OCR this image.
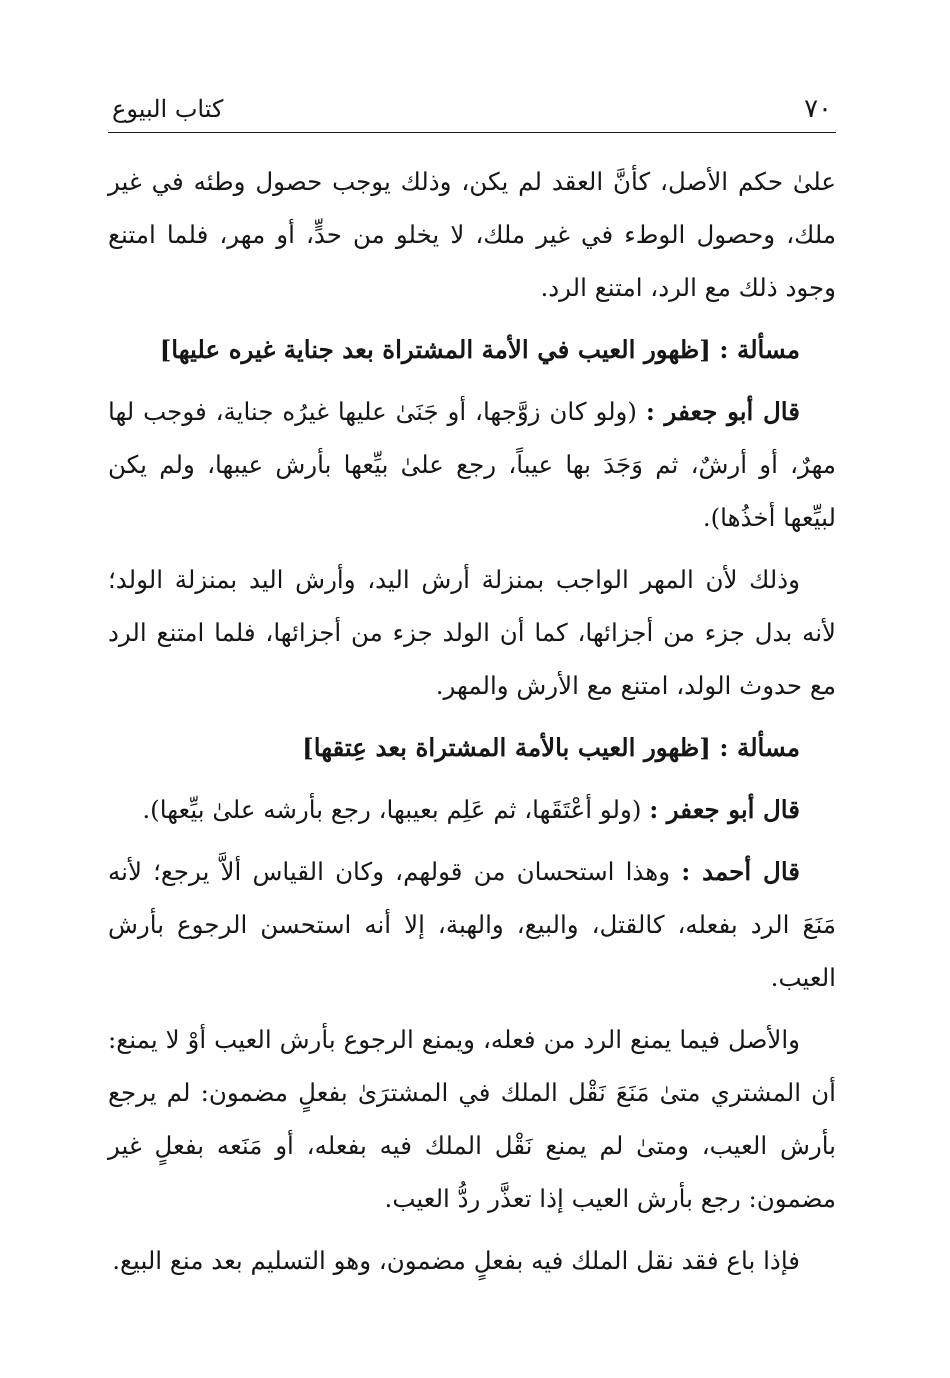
٧٠
كتاب البيوع

علىٰ حكم الأصل، كأنَّ العقد لم يكن، وذلك يوجب حصول وطئه في غير ملك، وحصول الوطء في غير ملك، لا يخلو من حدٍّ، أو مهر، فلما امتنع وجود ذلك مع الرد، امتنع الرد.

مسألة : [ظهور العيب في الأمة المشتراة بعد جناية غيره عليها]

قال أبو جعفر : (ولو كان زوَّجها، أو جَنَىٰ عليها غيرُه جناية، فوجب لها مهرٌ، أو أرشٌ، ثم وَجَدَ بها عيباً، رجع علىٰ بيِّعها بأرش عيبها، ولم يكن لبيِّعها أخذُها).

وذلك لأن المهر الواجب بمنزلة أرش اليد، وأرش اليد بمنزلة الولد؛ لأنه بدل جزء من أجزائها، كما أن الولد جزء من أجزائها، فلما امتنع الرد مع حدوث الولد، امتنع مع الأرش والمهر.

مسألة : [ظهور العيب بالأمة المشتراة بعد عِتقها]

قال أبو جعفر : (ولو أعْتَقَها، ثم عَلِم بعيبها، رجع بأرشه علىٰ بيِّعها).

قال أحمد : وهذا استحسان من قولهم، وكان القياس ألاَّ يرجع؛ لأنه مَنَعَ الرد بفعله، كالقتل، والبيع، والهبة، إلا أنه استحسن الرجوع بأرش العيب.

والأصل فيما يمنع الرد من فعله، ويمنع الرجوع بأرش العيب أوْ لا يمنع: أن المشتري متىٰ مَنَعَ نَقْل الملك في المشترَىٰ بفعلٍ مضمون: لم يرجع بأرش العيب، ومتىٰ لم يمنع نَقْل الملك فيه بفعله، أو مَنَعه بفعلٍ غير مضمون: رجع بأرش العيب إذا تعذَّر ردُّ العيب.

فإذا باع فقد نقل الملك فيه بفعلٍ مضمون، وهو التسليم بعد منع البيع.
